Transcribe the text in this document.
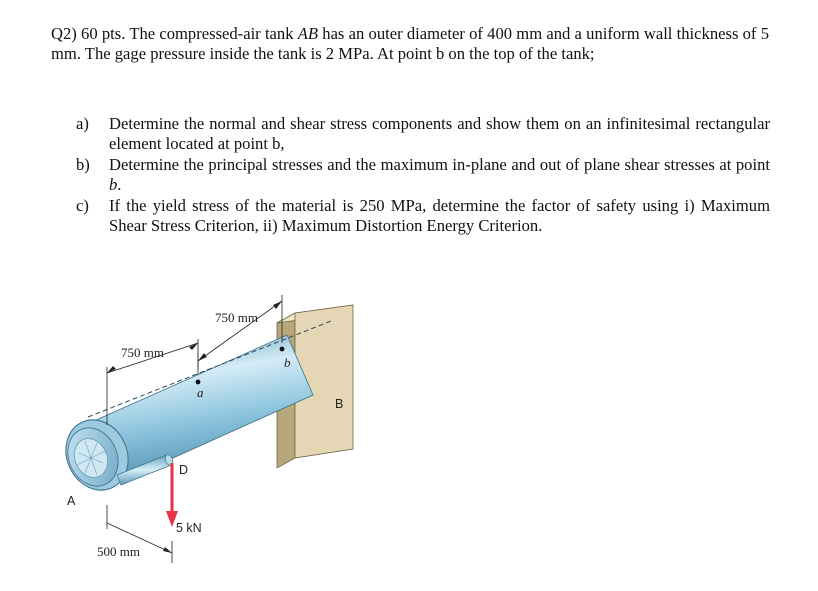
Q2) 60 pts. The compressed-air tank AB has an outer diameter of 400 mm and a uniform wall thickness of 5 mm. The gage pressure inside the tank is 2 MPa. At point b on the top of the tank;

a) Determine the normal and shear stress components and show them on an infinitesimal rectangular element located at point b,
b) Determine the principal stresses and the maximum in-plane and out of plane shear stresses at point b.
c) If the yield stress of the material is 250 MPa, determine the factor of safety using i) Maximum Shear Stress Criterion, ii) Maximum Distortion Energy Criterion.
750 mm
750 mm
500 mm
a
b
A
B
D
5 kN
